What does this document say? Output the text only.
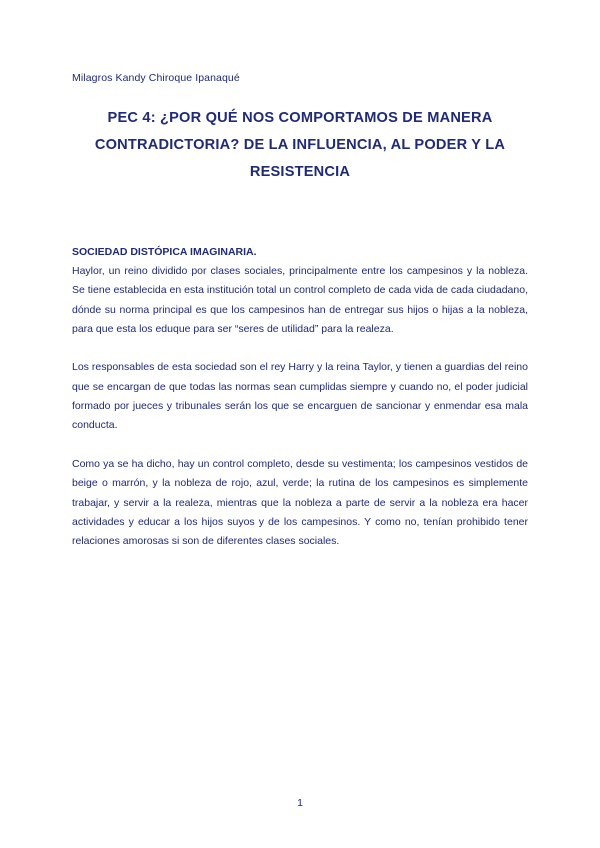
Milagros Kandy Chiroque Ipanaqué
PEC 4: ¿POR QUÉ NOS COMPORTAMOS DE MANERA
CONTRADICTORIA? DE LA INFLUENCIA, AL PODER Y LA
RESISTENCIA

SOCIEDAD DISTÓPICA IMAGINARIA.

Haylor, un reino dividido por clases sociales, principalmente entre los campesinos y la nobleza. Se tiene establecida en esta institución total un control completo de cada vida de cada ciudadano, dónde su norma principal es que los campesinos han de entregar sus hijos o hijas a la nobleza, para que esta los eduque para ser “seres de utilidad” para la realeza.

Los responsables de esta sociedad son el rey Harry y la reina Taylor, y tienen a guardias del reino que se encargan de que todas las normas sean cumplidas siempre y cuando no, el poder judicial formado por jueces y tribunales serán los que se encarguen de sancionar y enmendar esa mala conducta.

Como ya se ha dicho, hay un control completo, desde su vestimenta; los campesinos vestidos de beige o marrón, y la nobleza de rojo, azul, verde; la rutina de los campesinos es simplemente trabajar, y servir a la realeza, mientras que la nobleza a parte de servir a la nobleza era hacer actividades y educar a los hijos suyos y de los campesinos. Y como no, tenían prohibido tener relaciones amorosas si son de diferentes clases sociales.

1
